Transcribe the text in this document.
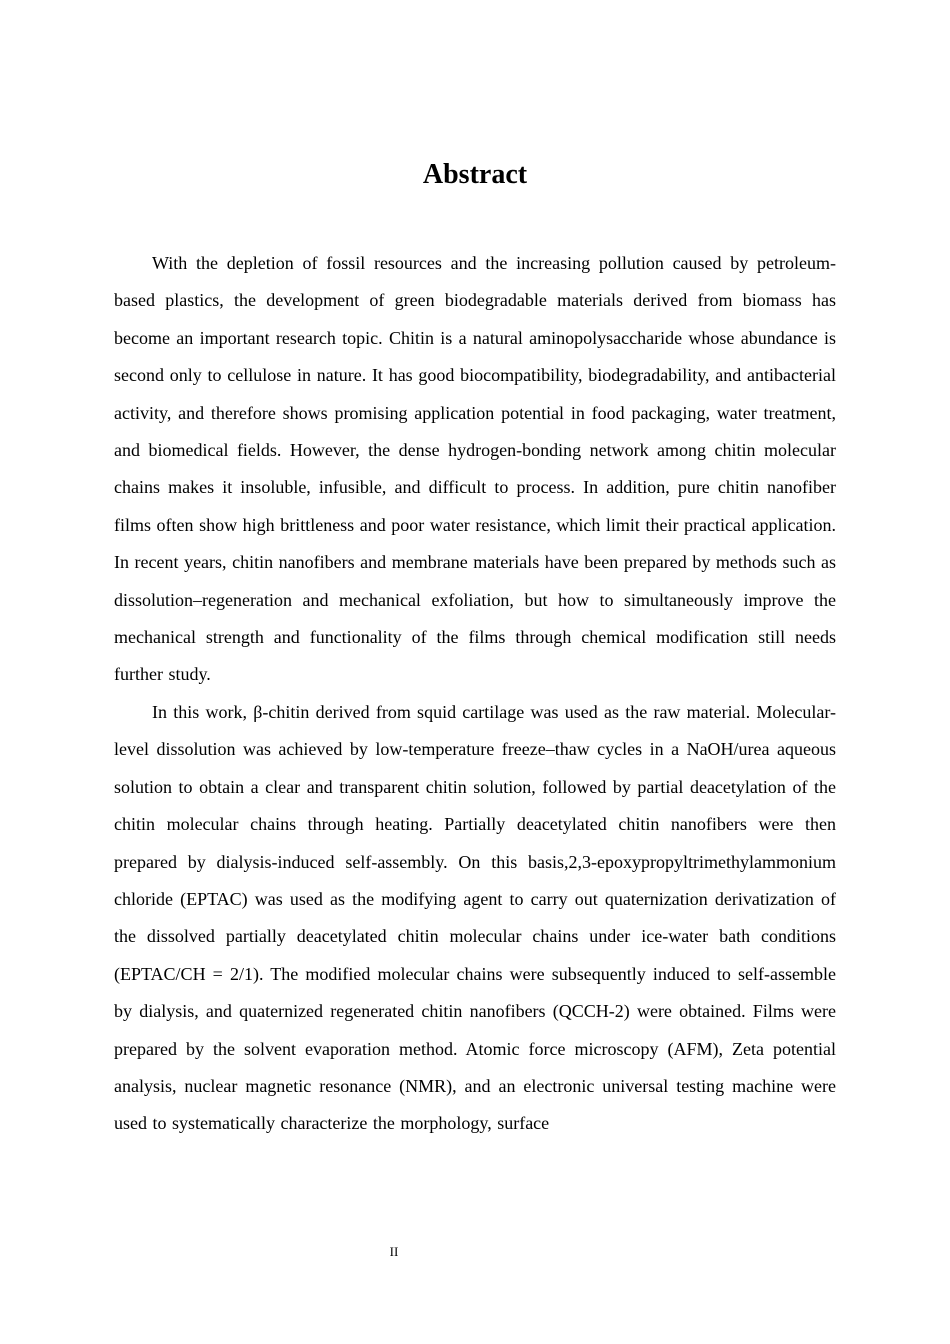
Abstract

With the depletion of fossil resources and the increasing pollution caused by petroleum-based plastics, the development of green biodegradable materials derived from biomass has become an important research topic. Chitin is a natural aminopolysaccharide whose abundance is second only to cellulose in nature. It has good biocompatibility, biodegradability, and antibacterial activity, and therefore shows promising application potential in food packaging, water treatment, and biomedical fields. However, the dense hydrogen-bonding network among chitin molecular chains makes it insoluble, infusible, and difficult to process. In addition, pure chitin nanofiber films often show high brittleness and poor water resistance, which limit their practical application. In recent years, chitin nanofibers and membrane materials have been prepared by methods such as dissolution–regeneration and mechanical exfoliation, but how to simultaneously improve the mechanical strength and functionality of the films through chemical modification still needs further study.

In this work, β-chitin derived from squid cartilage was used as the raw material. Molecular-level dissolution was achieved by low-temperature freeze–thaw cycles in a NaOH/urea aqueous solution to obtain a clear and transparent chitin solution, followed by partial deacetylation of the chitin molecular chains through heating. Partially deacetylated chitin nanofibers were then prepared by dialysis-induced self-assembly. On this basis,2,3-epoxypropyltrimethylammonium chloride (EPTAC) was used as the modifying agent to carry out quaternization derivatization of the dissolved partially deacetylated chitin molecular chains under ice-water bath conditions (EPTAC/CH = 2/1). The modified molecular chains were subsequently induced to self-assemble by dialysis, and quaternized regenerated chitin nanofibers (QCCH-2) were obtained. Films were prepared by the solvent evaporation method. Atomic force microscopy (AFM), Zeta potential analysis, nuclear magnetic resonance (NMR), and an electronic universal testing machine were used to systematically characterize the morphology, surface

II
